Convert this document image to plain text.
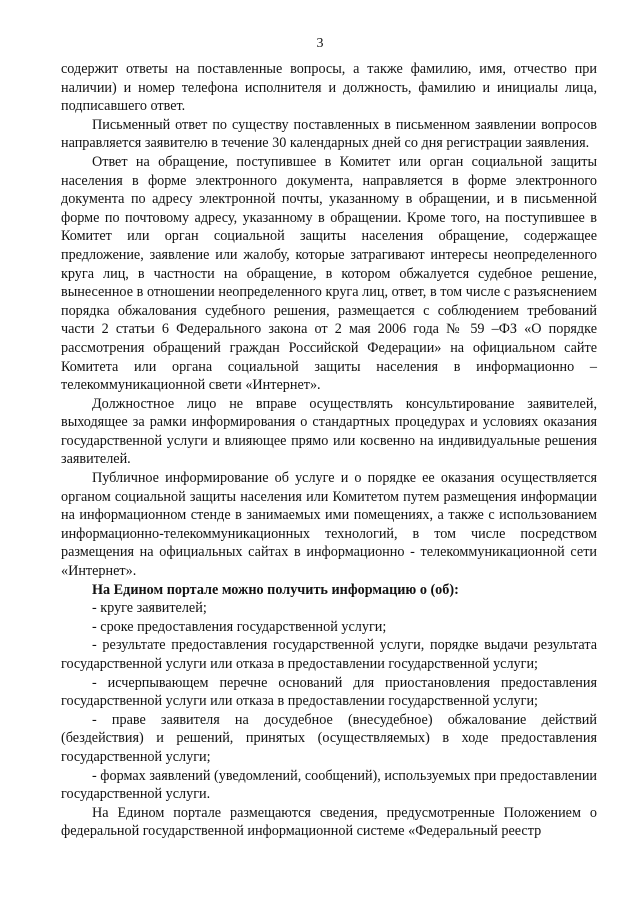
3

содержит ответы на поставленные вопросы, а также фамилию, имя, отчество при наличии) и номер телефона исполнителя и должность, фамилию и инициалы лица, подписавшего ответ.

Письменный ответ по существу поставленных в письменном заявлении вопросов направляется заявителю в течение 30 календарных дней со дня регистрации заявления.

Ответ на обращение, поступившее в Комитет или орган социальной защиты населения в форме электронного документа, направляется в форме электронного документа по адресу электронной почты, указанному в обращении, и в письменной форме по почтовому адресу, указанному в обращении. Кроме того, на поступившее в Комитет или орган социальной защиты населения обращение, содержащее предложение, заявление или жалобу, которые затрагивают интересы неопределенного круга лиц, в частности на обращение, в котором обжалуется судебное решение, вынесенное в отношении неопределенного круга лиц, ответ, в том числе с разъяснением порядка обжалования судебного решения, размещается с соблюдением требований части 2 статьи 6 Федерального закона от 2 мая 2006 года № 59 –ФЗ «О порядке рассмотрения обращений граждан Российской Федерации» на официальном сайте Комитета или органа социальной защиты населения в информационно – телекоммуникационной свети «Интернет».

Должностное лицо не вправе осуществлять консультирование заявителей, выходящее за рамки информирования о стандартных процедурах и условиях оказания государственной услуги и влияющее прямо или косвенно на индивидуальные решения заявителей.

Публичное информирование об услуге и о порядке ее оказания осуществляется органом социальной защиты населения или Комитетом путем размещения информации на информационном стенде в занимаемых ими помещениях, а также с использованием информационно-телекоммуникационных технологий, в том числе посредством размещения на официальных сайтах в информационно - телекоммуникационной сети «Интернет».

На Едином портале можно получить информацию о (об):

- круге заявителей;

- сроке предоставления государственной услуги;

- результате предоставления государственной услуги, порядке выдачи результата государственной услуги или отказа в предоставлении государственной услуги;

- исчерпывающем перечне оснований для приостановления предоставления государственной услуги или отказа в предоставлении государственной услуги;

- праве заявителя на досудебное (внесудебное) обжалование действий (бездействия) и решений, принятых (осуществляемых) в ходе предоставления государственной услуги;

- формах заявлений (уведомлений, сообщений), используемых при предоставлении государственной услуги.

На Едином портале размещаются сведения, предусмотренные Положением о федеральной государственной информационной системе «Федеральный реестр
